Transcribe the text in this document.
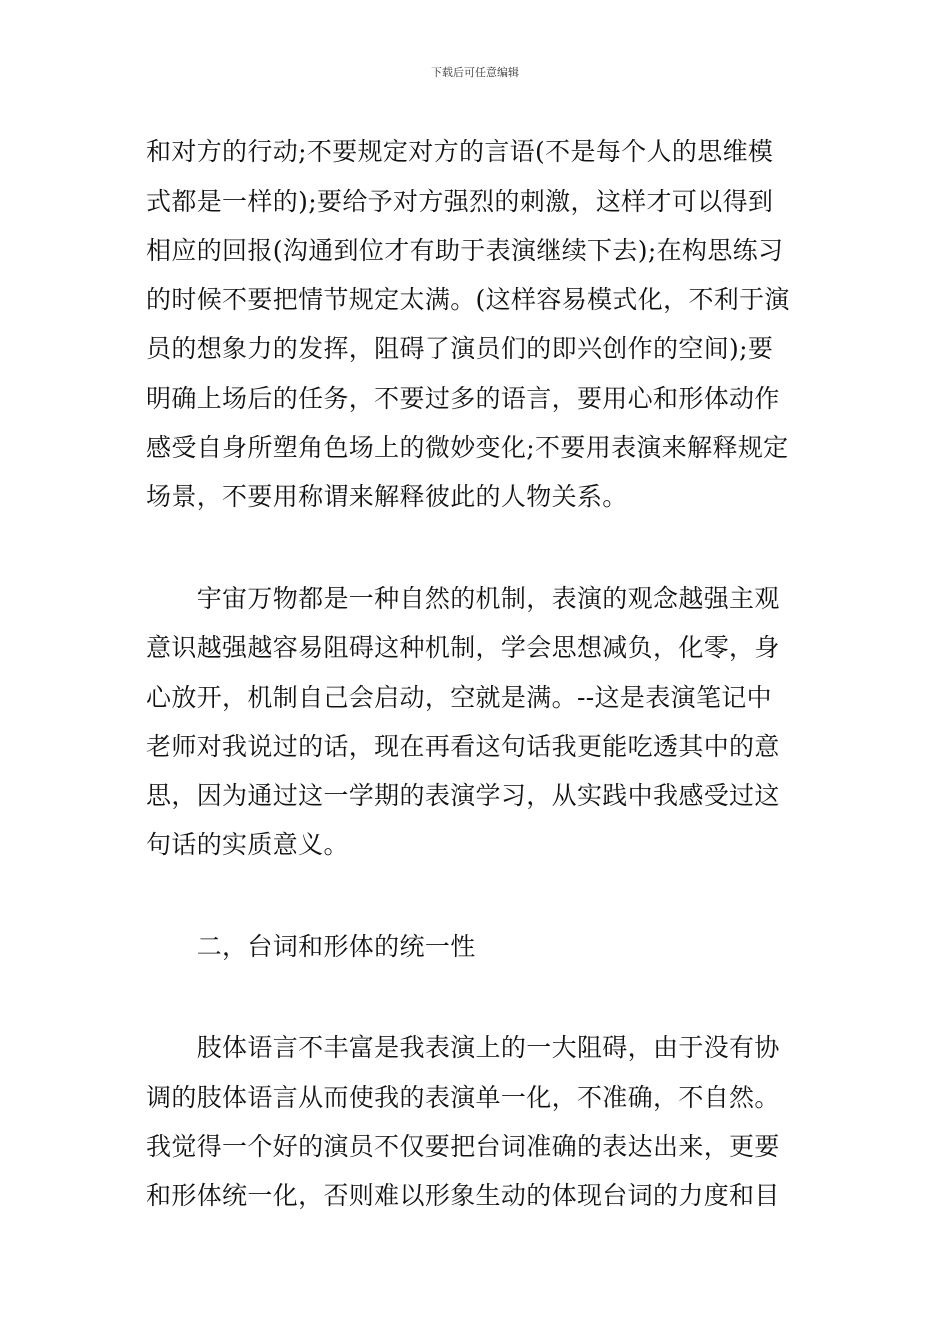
下载后可任意编辑
和对方的行动;不要规定对方的言语(不是每个人的思维模
式都是一样的);要给予对方强烈的刺激，这样才可以得到
相应的回报(沟通到位才有助于表演继续下去);在构思练习
的时候不要把情节规定太满。(这样容易模式化，不利于演
员的想象力的发挥，阻碍了演员们的即兴创作的空间);要
明确上场后的任务，不要过多的语言，要用心和形体动作
感受自身所塑角色场上的微妙变化;不要用表演来解释规定
场景，不要用称谓来解释彼此的人物关系。
　　宇宙万物都是一种自然的机制，表演的观念越强主观
意识越强越容易阻碍这种机制，学会思想减负，化零，身
心放开，机制自己会启动，空就是满。--这是表演笔记中
老师对我说过的话，现在再看这句话我更能吃透其中的意
思，因为通过这一学期的表演学习，从实践中我感受过这
句话的实质意义。
　　二，台词和形体的统一性
　　肢体语言不丰富是我表演上的一大阻碍，由于没有协
调的肢体语言从而使我的表演单一化，不准确，不自然。
我觉得一个好的演员不仅要把台词准确的表达出来，更要
和形体统一化，否则难以形象生动的体现台词的力度和目
